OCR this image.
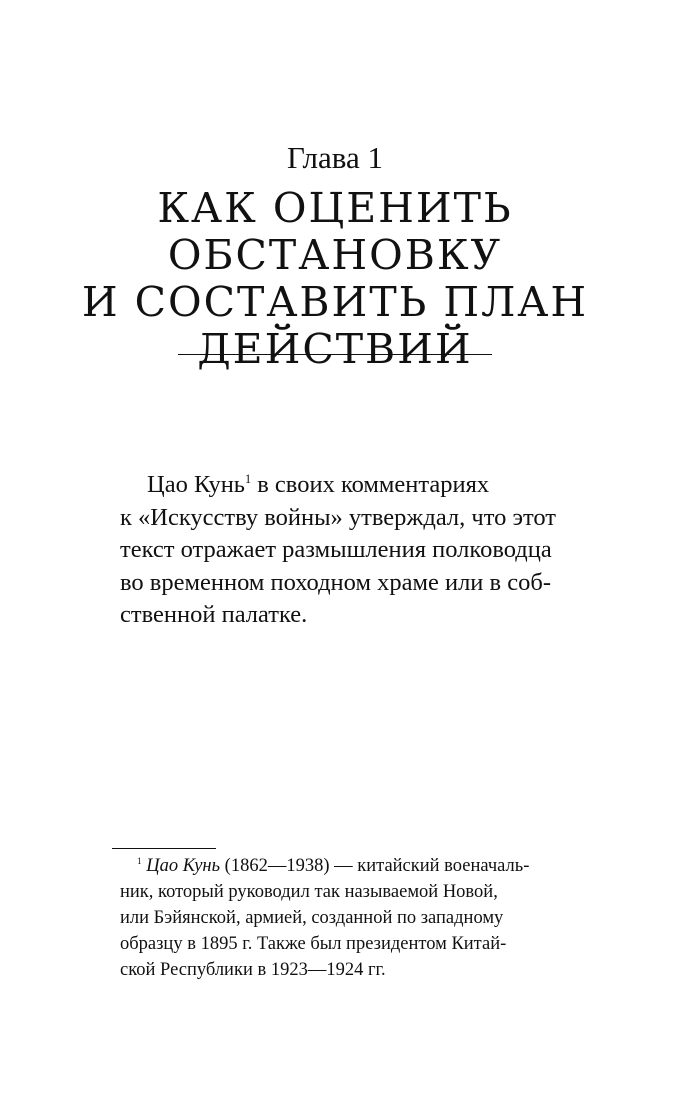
Глава 1
КАК ОЦЕНИТЬ
ОБСТАНОВКУ
И СОСТАВИТЬ ПЛАН
ДЕЙСТВИЙ
Цао Кунь$^1$ в своих комментариях
к «Искусству войны» утверждал, что этот
текст отражает размышления полководца
во временном походном храме или в соб-
ственной палатке.
$^1$ Цао Кунь (1862—1938) — китайский военачаль-
ник, который руководил так называемой Новой,
или Бэйянской, армией, созданной по западному
образцу в 1895 г. Также был президентом Китай-
ской Республики в 1923—1924 гг.
